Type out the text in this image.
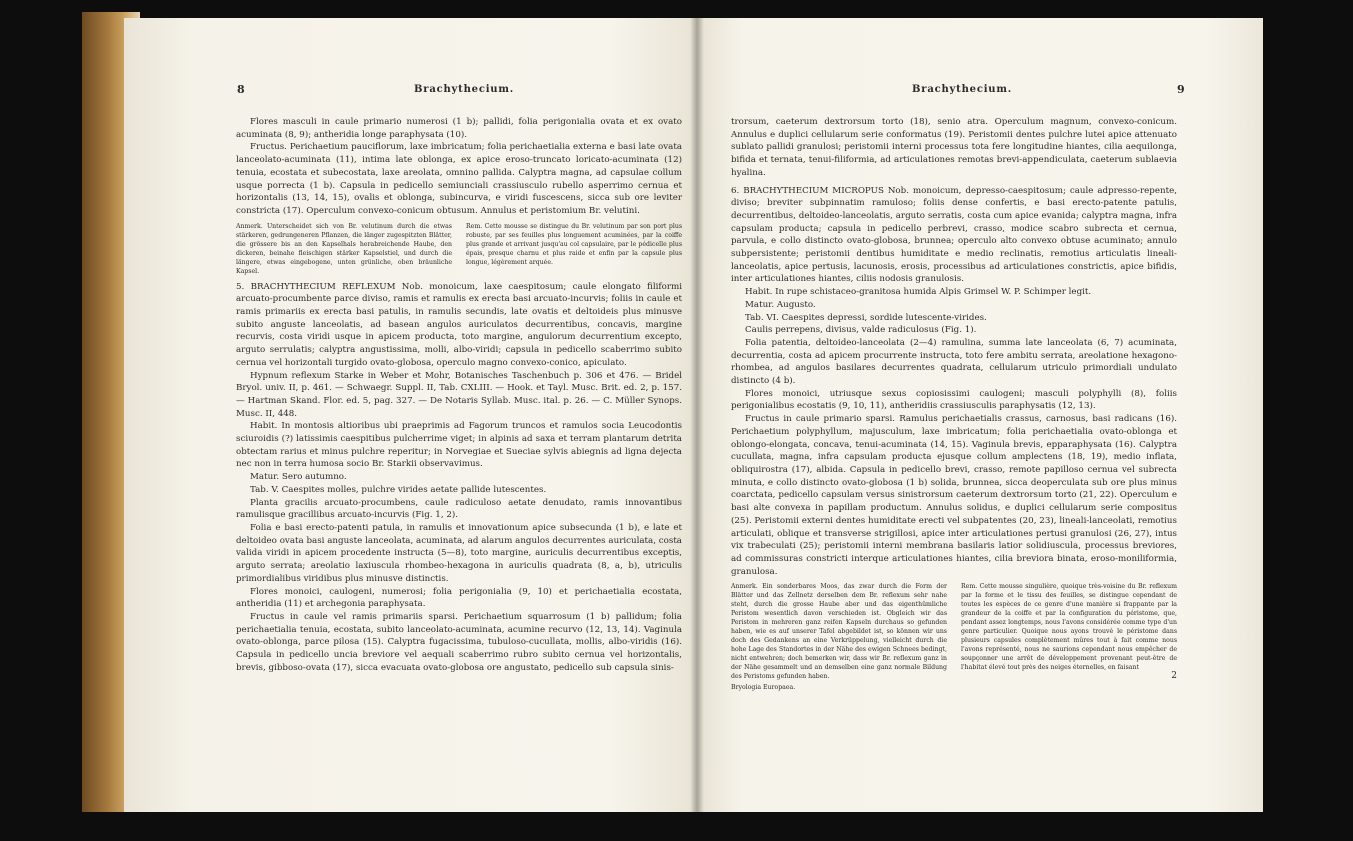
8	Brachythecium.

Flores masculi in caule primario numerosi (1 b); pallidi, folia perigonialia ovata et ex ovato acuminata (8, 9); antheridia longe paraphysata (10).

Fructus. Perichaetium pauciflorum, laxe imbricatum; folia perichaetialia externa e basi late ovata lanceolato-acuminata (11), intima late oblonga, ex apice eroso-truncato loricato-acuminata (12) tenuia, ecostata et subecostata, laxe areolata, omnino pallida. Calyptra magna, ad capsulae collum usque porrecta (1 b). Capsula in pedicello semiunciali crassiusculo rubello asperrimo cernua et horizontalis (13, 14, 15), ovalis et oblonga, subincurva, e viridi fuscescens, sicca sub ore leviter constricta (17). Operculum convexo-conicum obtusum. Annulus et peristomium Br. velutini.

Anmerk. Unterscheidet sich von Br. velutinum durch die etwas stärkeren, gedrungeneren Pflanzen, die länger zugespitzten Blätter, die grössere bis an den Kapselhals herabreichende Haube, den dickeren, beinahe fleischigen stärker Kapselstiel, und durch die längere, etwas eingebogene, unten grünliche, oben bräunliche Kapsel.
Rem. Cette mousse se distingue du Br. velutinum par son port plus robuste, par ses feuilles plus longuement acuminées, par la coiffe plus grande et arrivant jusqu'au col capsulaire, par le pédicelle plus épais, presque charnu et plus raide et enfin par la capsule plus longue, légèrement arquée.

5. BRACHYTHECIUM REFLEXUM Nob. monoicum, laxe caespitosum; caule elongato filiformi arcuato-procumbente parce diviso, ramis et ramulis ex erecta basi arcuato-incurvis; foliis in caule et ramis primariis ex erecta basi patulis, in ramulis secundis, late ovatis et deltoideis plus minusve subito anguste lanceolatis, ad basean angulos auriculatos decurrentibus, concavis, margine recurvis, costa viridi usque in apicem producta, toto margine, angulorum decurrentium excepto, arguto serrulatis; calyptra angustissima, molli, albo-viridi; capsula in pedicello scaberrimo subito cernua vel horizontali turgido ovato-globosa, operculo magno convexo-conico, apiculato.

Hypnum reflexum Starke in Weber et Mohr, Botanisches Taschenbuch p. 306 et 476. — Bridel Bryol. univ. II, p. 461. — Schwaegr. Suppl. II, Tab. CXLIII. — Hook. et Tayl. Musc. Brit. ed. 2, p. 157. — Hartman Skand. Flor. ed. 5, pag. 327. — De Notaris Syllab. Musc. ital. p. 26. — C. Müller Synops. Musc. II, 448.

Habit. In montosis altioribus ubi praeprimis ad Fagorum truncos et ramulos socia Leucodontis sciuroidis (?) latissimis caespitibus pulcherrime viget; in alpinis ad saxa et terram plantarum detrita obtectam rarius et minus pulchre reperitur; in Norvegiae et Sueciae sylvis abiegnis ad ligna dejecta nec non in terra humosa socio Br. Starkii observavimus.

Matur. Sero autumno.

Tab. V. Caespites molles, pulchre virides aetate pallide lutescentes.

Planta gracilis arcuato-procumbens, caule radiculoso aetate denudato, ramis innovantibus ramulisque gracillibus arcuato-incurvis (Fig. 1, 2).

Folia e basi erecto-patenti patula, in ramulis et innovationum apice subsecunda (1 b), e late et deltoideo ovata basi anguste lanceolata, acuminata, ad alarum angulos decurrentes auriculata, costa valida viridi in apicem procedente instructa (5—8), toto margine, auriculis decurrentibus exceptis, arguto serrata; areolatio laxiuscula rhombeo-hexagona in auriculis quadrata (8, a, b), utriculis primordialibus viridibus plus minusve distinctis.

Flores monoici, caulogeni, numerosi; folia perigonialia (9, 10) et perichaetialia ecostata, antheridia (11) et archegonia paraphysata.

Fructus in caule vel ramis primariis sparsi. Perichaetium squarrosum (1 b) pallidum; folia perichaetialia tenuia, ecostata, subito lanceolato-acuminata, acumine recurvo (12, 13, 14). Vaginula ovato-oblonga, parce pilosa (15). Calyptra fugacissima, tubuloso-cucullata, mollis, albo-viridis (16). Capsula in pedicello uncia breviore vel aequali scaberrimo rubro subito cernua vel horizontalis, brevis, gibboso-ovata (17), sicca evacuata ovato-globosa ore angustato, pedicello sub capsula sinis-

Brachythecium.	9

trorsum, caeterum dextrorsum torto (18), senio atra. Operculum magnum, convexo-conicum. Annulus e duplici cellularum serie conformatus (19). Peristomii dentes pulchre lutei apice attenuato sublato pallidi granulosi; peristomii interni processus tota fere longitudine hiantes, cilia aequilonga, bifida et ternata, tenui-filiformia, ad articulationes remotas brevi-appendiculata, caeterum sublaevia hyalina.

6. BRACHYTHECIUM MICROPUS Nob. monoicum, depresso-caespitosum; caule adpresso-repente, diviso; breviter subpinnatim ramuloso; foliis dense confertis, e basi erecto-patente patulis, decurrentibus, deltoideo-lanceolatis, arguto serratis, costa cum apice evanida; calyptra magna, infra capsulam producta; capsula in pedicello perbrevi, crasso, modice scabro subrecta et cernua, parvula, e collo distincto ovato-globosa, brunnea; operculo alto convexo obtuse acuminato; annulo subpersistente; peristomii dentibus humiditate e medio reclinatis, remotius articulatis lineali-lanceolatis, apice pertusis, lacunosis, erosis, processibus ad articulationes constrictis, apice bifidis, inter articulationes hiantes, ciliis nodosis granulosis.

Habit. In rupe schistaceo-granitosa humida Alpis Grimsel W. P. Schimper legit.

Matur. Augusto.

Tab. VI. Caespites depressi, sordide lutescente-virides.

Caulis perrepens, divisus, valde radiculosus (Fig. 1).

Folia patentia, deltoideo-lanceolata (2—4) ramulina, summa late lanceolata (6, 7) acuminata, decurrentia, costa ad apicem procurrente instructa, toto fere ambitu serrata, areolatione hexagono-rhombea, ad angulos basilares decurrentes quadrata, cellularum utriculo primordiali undulato distincto (4 b).

Flores monoici, utriusque sexus copiosissimi caulogeni; masculi polyphylli (8), foliis perigonialibus ecostatis (9, 10, 11), antheridiis crassiusculis paraphysatis (12, 13).

Fructus in caule primario sparsi. Ramulus perichaetialis crassus, carnosus, basi radicans (16). Perichaetium polyphyllum, majusculum, laxe imbricatum; folia perichaetialia ovato-oblonga et oblongo-elongata, concava, tenui-acuminata (14, 15). Vaginula brevis, epparaphysata (16). Calyptra cucullata, magna, infra capsulam producta ejusque collum amplectens (18, 19), medio inflata, obliquirostra (17), albida. Capsula in pedicello brevi, crasso, remote papilloso cernua vel subrecta minuta, e collo distincto ovato-globosa (1 b) solida, brunnea, sicca deoperculata sub ore plus minus coarctata, pedicello capsulam versus sinistrorsum caeterum dextrorsum torto (21, 22). Operculum e basi alte convexa in papillam productum. Annulus solidus, e duplici cellularum serie compositus (25). Peristomii externi dentes humiditate erecti vel subpatentes (20, 23), lineali-lanceolati, remotius articulati, oblique et transverse strigillosi, apice inter articulationes pertusi granulosi (26, 27), intus vix trabeculati (25); peristomii interni membrana basilaris latior solidiuscula, processus breviores, ad commissuras constricti interque articulationes hiantes, cilia breviora binata, eroso-moniliformia, granulosa.

Anmerk. Ein sonderbares Moos, das zwar durch die Form der Blätter und das Zellnetz derselben dem Br. reflexum sehr nahe steht, durch die grosse Haube aber und das eigenthümliche Peristom wesentlich davon verschieden ist. Obgleich wir das Peristom in mehreren ganz reifen Kapseln durchaus so gefunden haben, wie es auf unserer Tafel abgebildet ist, so können wir uns doch des Gedankens an eine Verkrüppelung, vielleicht durch die hohe Lage des Standortes in der Nähe des ewigen Schnees bedingt, nicht entwehren; doch bemerken wir, dass wir Br. reflexum ganz in der Nähe gesammelt und an demselben eine ganz normale Bildung des Peristoms gefunden haben.
Bryologia Europaea.
Rem. Cette mousse singulière, quoique très-voisine du Br. reflexum par la forme et le tissu des feuilles, se distingue cependant de toutes les espèces de ce genre d'une manière si frappante par la grandeur de la coiffe et par la configuration du péristome, que, pendant assez longtemps, nous l'avons considérée comme type d'un genre particulier. Quoique nous ayons trouvé le péristome dans plusieurs capsules complètement mûres tout à fait comme nous l'avons représenté, nous ne saurions cependant nous empêcher de soupçonner une arrêt de développement provenant peut-être de l'habitat élevé tout près des neiges éternelles, en faisant
2
